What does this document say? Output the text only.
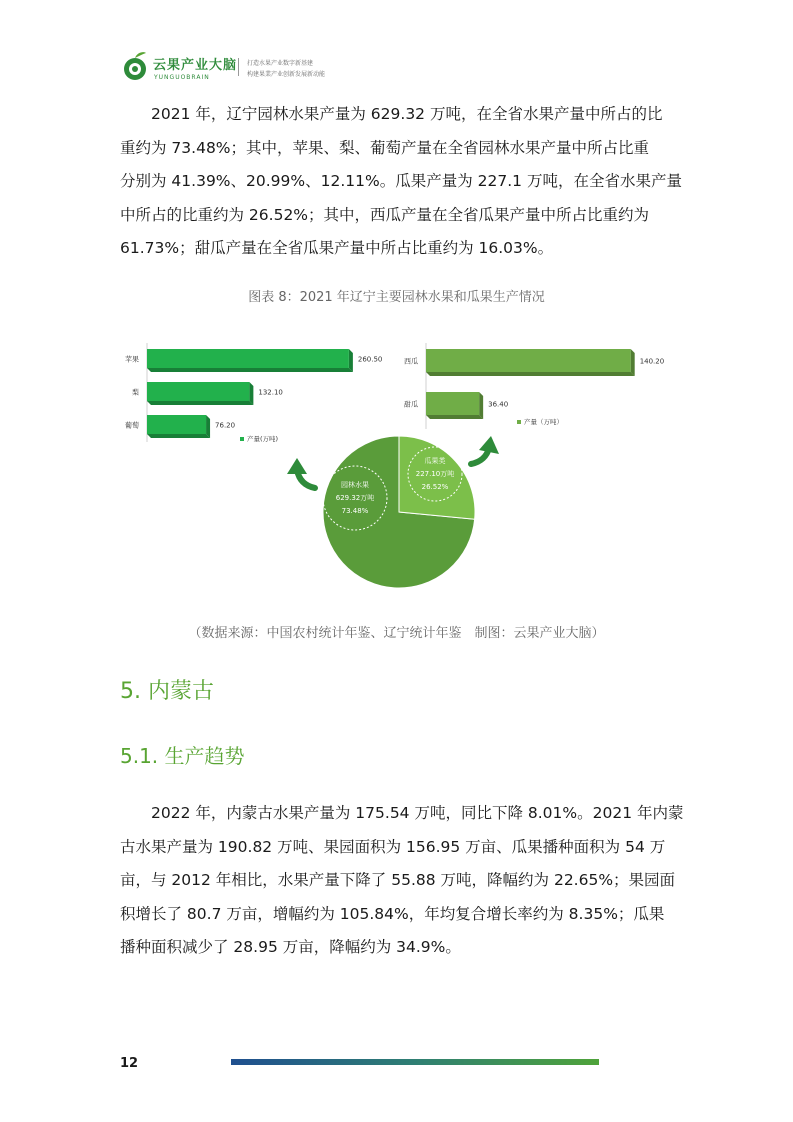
云果产业大脑
YUNGUOBRAIN
打造水果产业数字新基建
构建果業产业创新发展新动能

2021 年，辽宁园林水果产量为 629.32 万吨，在全省水果产量中所占的比
重约为 73.48%；其中，苹果、梨、葡萄产量在全省园林水果产量中所占比重
分别为 41.39%、20.99%、12.11%。瓜果产量为 227.1 万吨，在全省水果产量
中所占的比重约为 26.52%；其中，西瓜产量在全省瓜果产量中所占比重约为
61.73%；甜瓜产量在全省瓜果产量中所占比重约为 16.03%。

图表 8：2021 年辽宁主要园林水果和瓜果生产情况
苹果	260.50
梨	132.10
葡萄	76.20
产量(万吨)
西瓜	140.20
甜瓜	36.40
产量（万吨）
园林水果
629.32万吨
73.48%
瓜果类
227.10万吨
26.52%
（数据来源：中国农村统计年鉴、辽宁统计年鉴　制图：云果产业大脑）
5. 内蒙古
5.1. 生产趋势

2022 年，内蒙古水果产量为 175.54 万吨，同比下降 8.01%。2021 年内蒙
古水果产量为 190.82 万吨、果园面积为 156.95 万亩、瓜果播种面积为 54 万
亩，与 2012 年相比，水果产量下降了 55.88 万吨，降幅约为 22.65%；果园面
积增长了 80.7 万亩，增幅约为 105.84%，年均复合增长率约为 8.35%；瓜果
播种面积减少了 28.95 万亩，降幅约为 34.9%。

12
